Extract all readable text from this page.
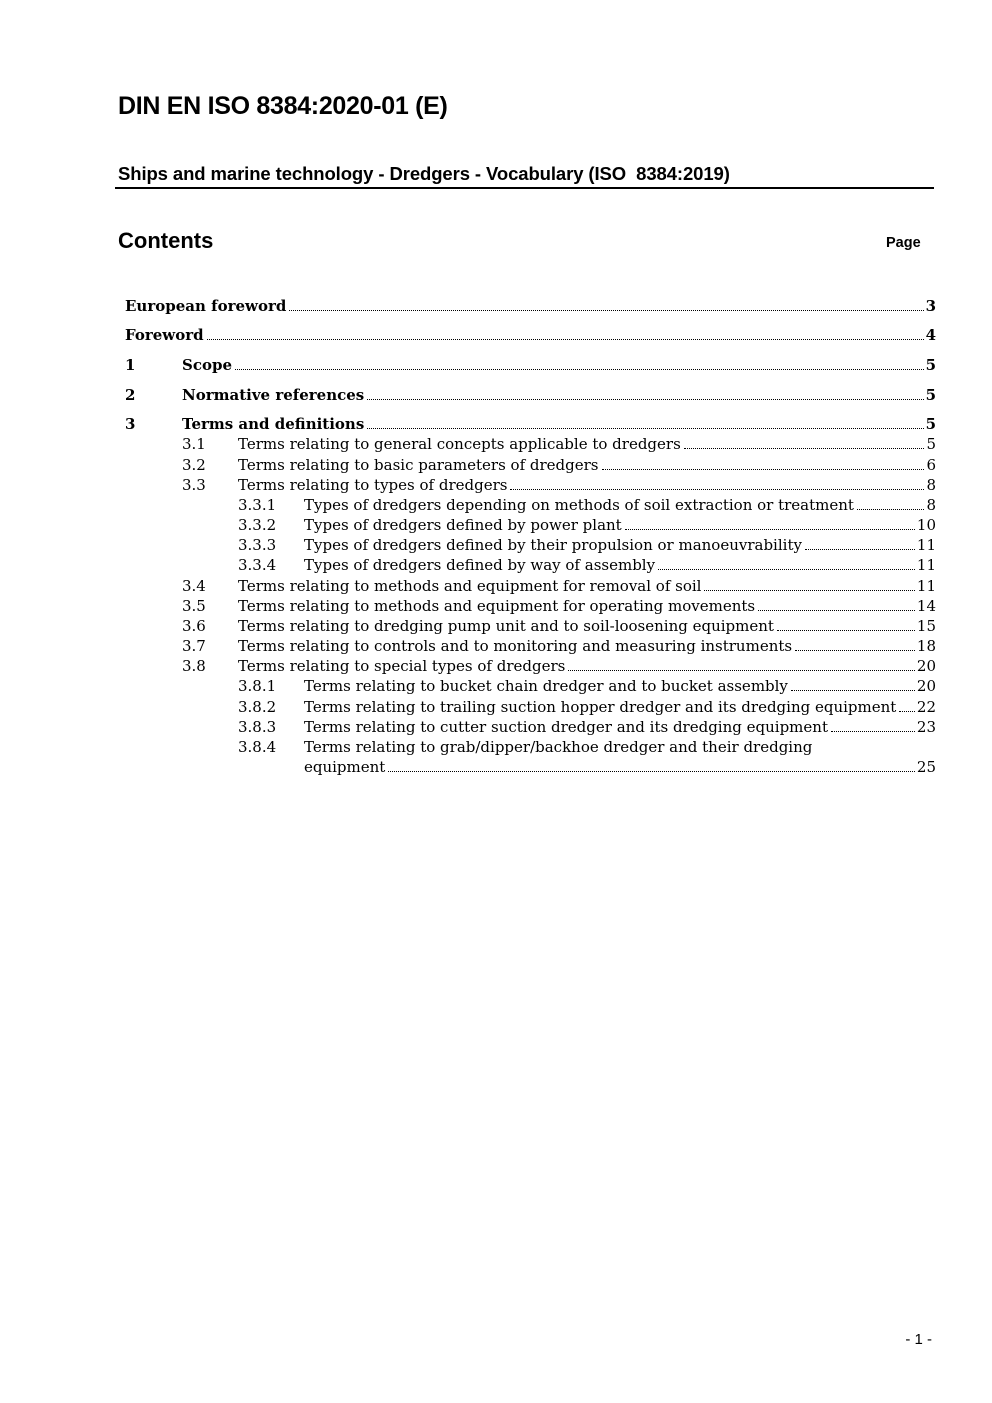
DIN EN ISO 8384:2020-01 (E)
Ships and marine technology - Dredgers - Vocabulary (ISO  8384:2019)
Contents	Page
European foreword	3
Foreword	4
1	Scope	5
2	Normative references	5
3	Terms and definitions	5
3.1 Terms relating to general concepts applicable to dredgers	5
3.2 Terms relating to basic parameters of dredgers	6
3.3 Terms relating to types of dredgers	8
3.3.1 Types of dredgers depending on methods of soil extraction or treatment	8
3.3.2 Types of dredgers defined by power plant	10
3.3.3 Types of dredgers defined by their propulsion or manoeuvrability	11
3.3.4 Types of dredgers defined by way of assembly	11
3.4 Terms relating to methods and equipment for removal of soil	11
3.5 Terms relating to methods and equipment for operating movements	14
3.6 Terms relating to dredging pump unit and to soil-loosening equipment	15
3.7 Terms relating to controls and to monitoring and measuring instruments	18
3.8 Terms relating to special types of dredgers	20
3.8.1 Terms relating to bucket chain dredger and to bucket assembly	20
3.8.2 Terms relating to trailing suction hopper dredger and its dredging equipment 22
3.8.3 Terms relating to cutter suction dredger and its dredging equipment	23
3.8.4 Terms relating to grab/dipper/backhoe dredger and their dredging
equipment	25
- 1 -
